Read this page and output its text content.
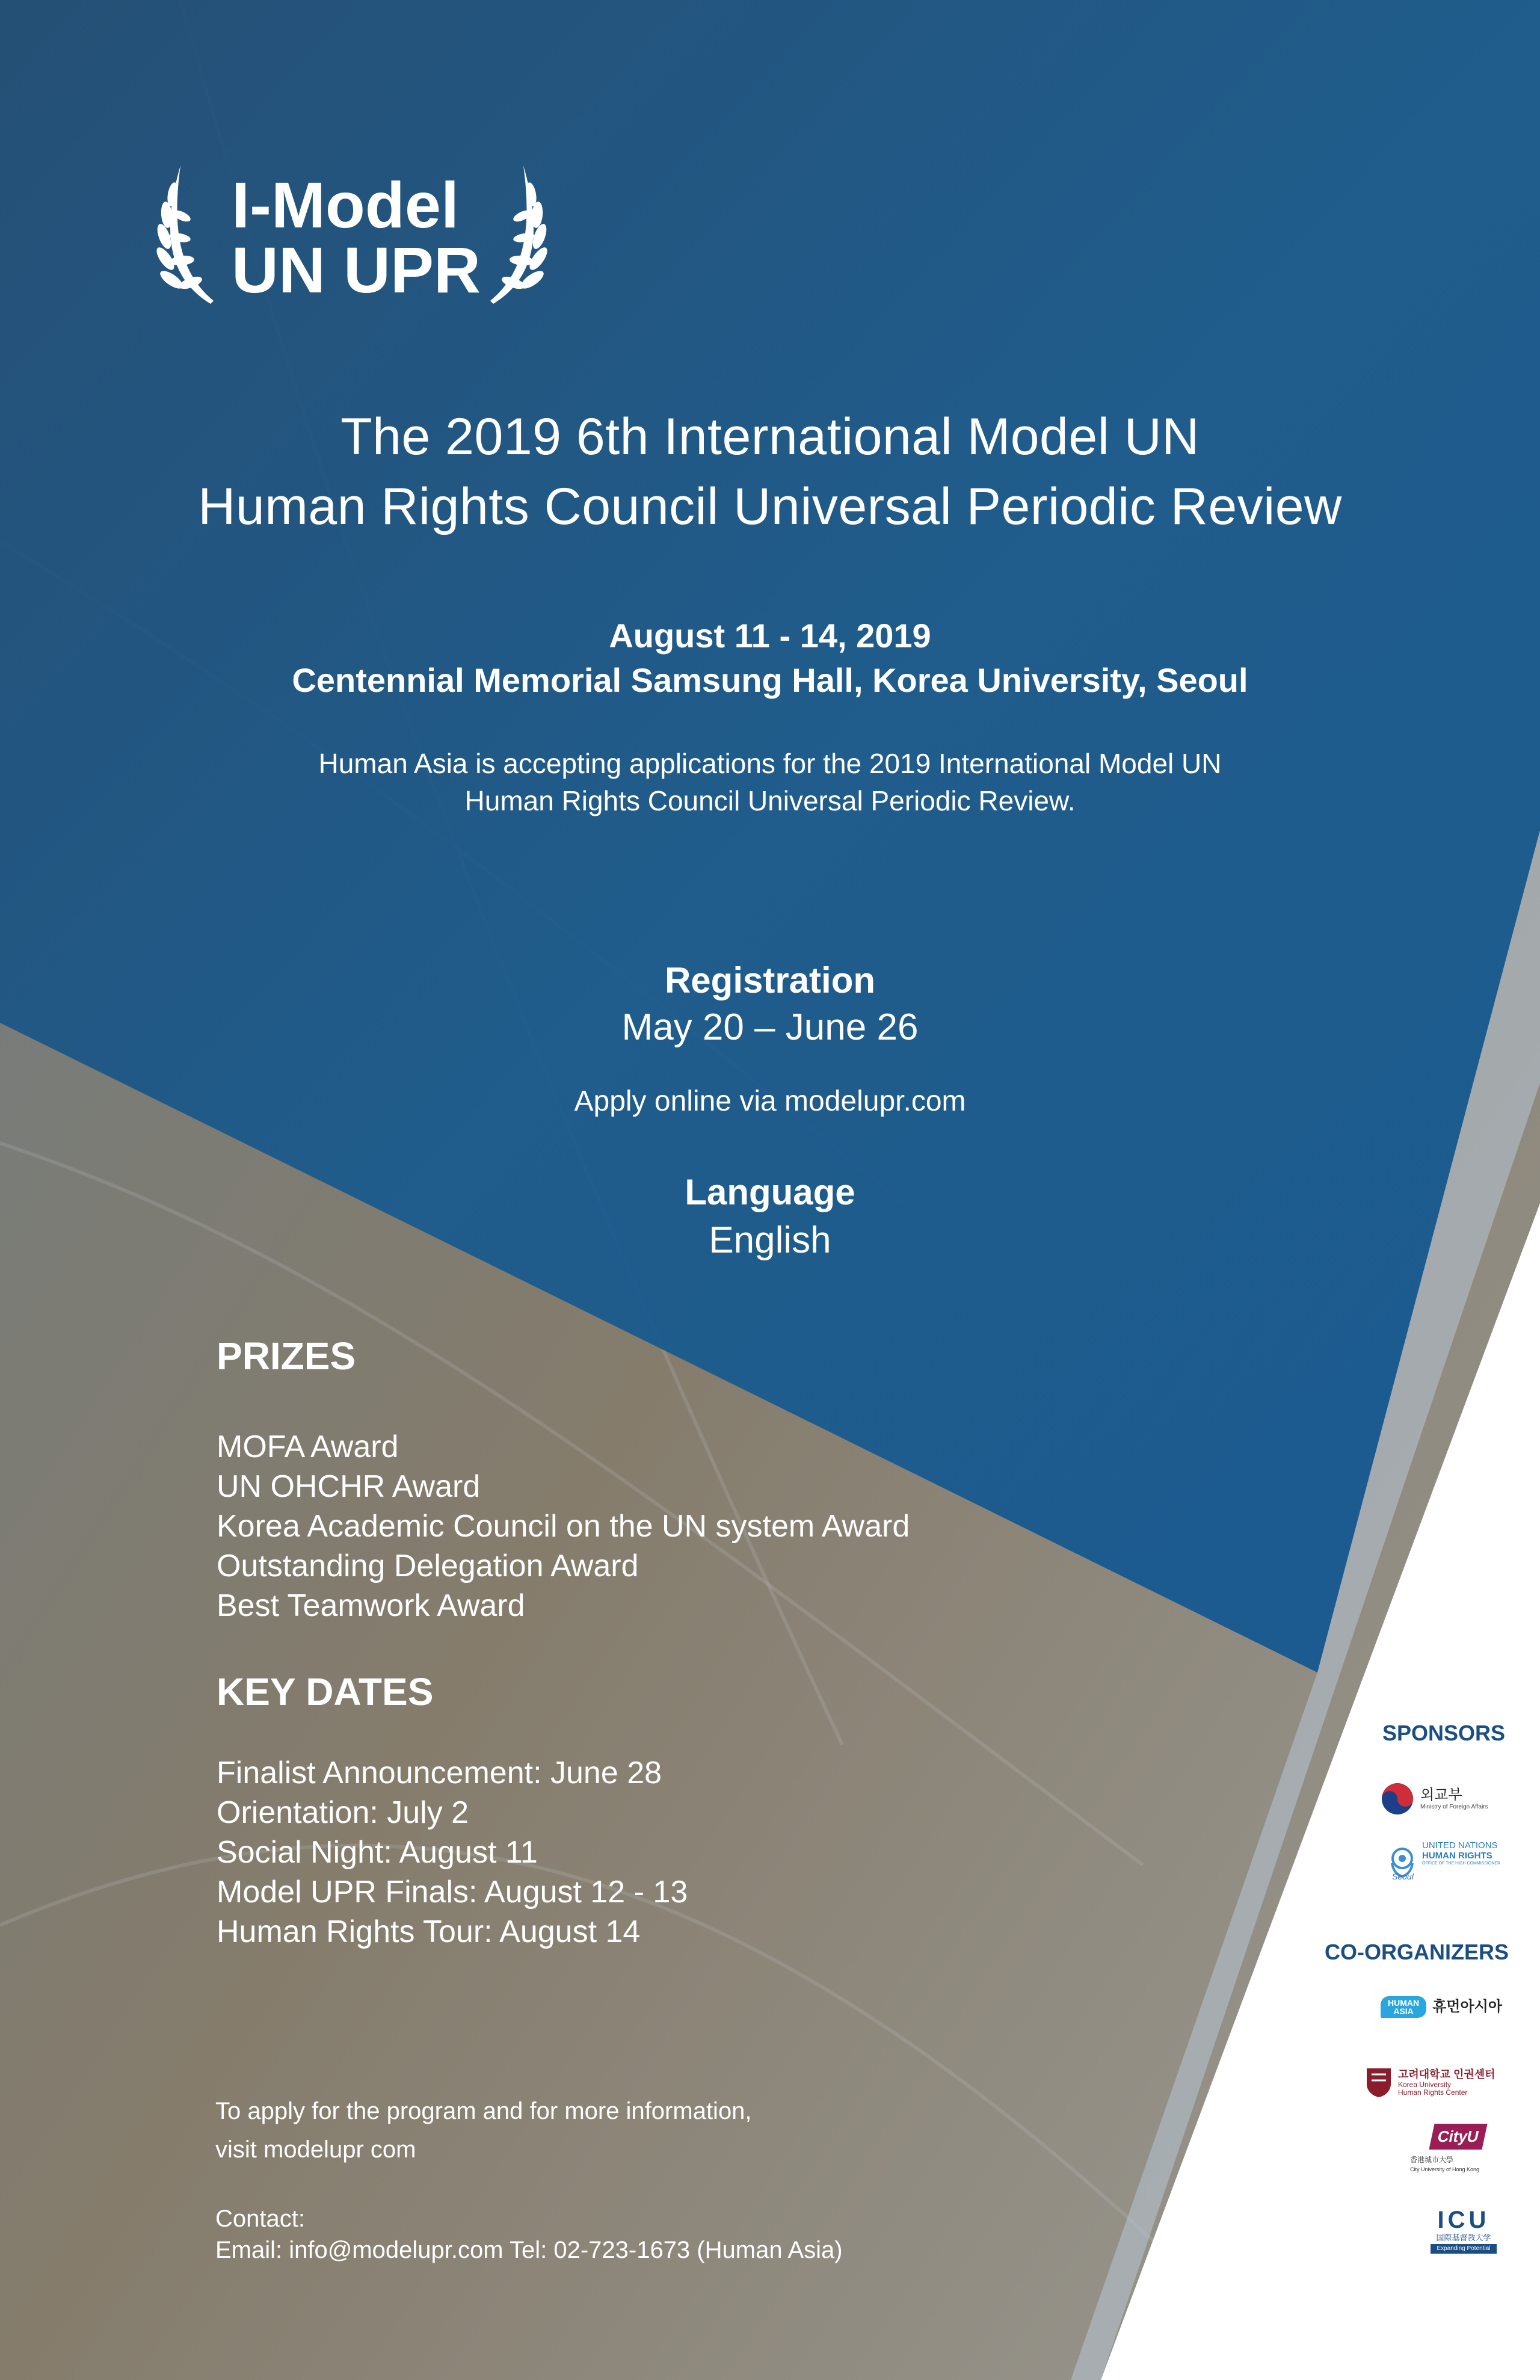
I-Model
UN UPR
The 2019 6th International Model UN
Human Rights Council Universal Periodic Review
August 11 - 14, 2019
Centennial Memorial Samsung Hall, Korea University, Seoul
Human Asia is accepting applications for the 2019 International Model UN
Human Rights Council Universal Periodic Review.
Registration
May 20 – June 26
Apply online via modelupr.com
Language
English
PRIZES
MOFA Award
UN OHCHR Award
Korea Academic Council on the UN system Award
Outstanding Delegation Award
Best Teamwork Award
KEY DATES
Finalist Announcement: June 28
Orientation: July 2
Social Night: August 11
Model UPR Finals: August 12 - 13
Human Rights Tour: August 14
To apply for the program and for more information,
visit modelupr com
Contact:
Email: info@modelupr.com Tel: 02-723-1673 (Human Asia)
SPONSORS
외교부
Ministry of Foreign Affairs
UNITED NATIONS
HUMAN RIGHTS
OFFICE OF THE HIGH COMMISSIONER
Seoul
CO-ORGANIZERS
HUMAN
ASIA	휴먼아시아
고려대학교 인권센터
Korea University
Human Rights Center
CityU
香港城市大學
City University of Hong Kong
ICU
国際基督教大学
Expanding Potential
